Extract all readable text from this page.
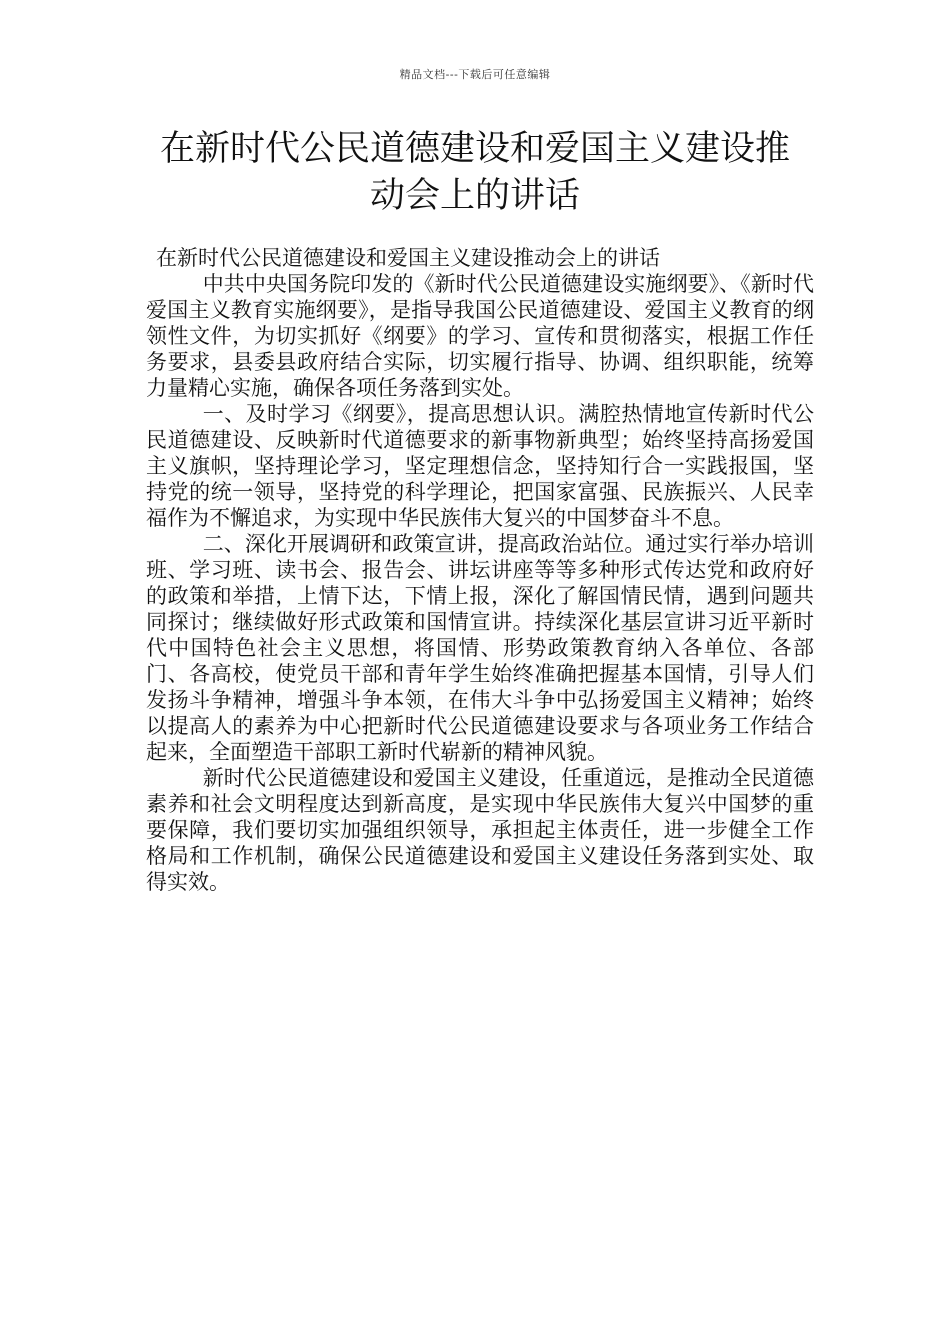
精品文档---下载后可任意编辑
在新时代公民道德建设和爱国主义建设推
动会上的讲话

在新时代公民道德建设和爱国主义建设推动会上的讲话

中共中央国务院印发的《新时代公民道德建设实施纲要》、《新时代爱国主义教育实施纲要》，是指导我国公民道德建设、爱国主义教育的纲领性文件，为切实抓好《纲要》的学习、宣传和贯彻落实，根据工作任务要求，县委县政府结合实际，切实履行指导、协调、组织职能，统筹力量精心实施，确保各项任务落到实处。

一、及时学习《纲要》，提高思想认识。满腔热情地宣传新时代公民道德建设、反映新时代道德要求的新事物新典型；始终坚持高扬爱国主义旗帜，坚持理论学习，坚定理想信念，坚持知行合一实践报国，坚持党的统一领导，坚持党的科学理论，把国家富强、民族振兴、人民幸福作为不懈追求，为实现中华民族伟大复兴的中国梦奋斗不息。

二、深化开展调研和政策宣讲，提高政治站位。通过实行举办培训班、学习班、读书会、报告会、讲坛讲座等等多种形式传达党和政府好的政策和举措，上情下达，下情上报，深化了解国情民情，遇到问题共同探讨；继续做好形式政策和国情宣讲。持续深化基层宣讲习近平新时代中国特色社会主义思想，将国情、形势政策教育纳入各单位、各部门、各高校，使党员干部和青年学生始终准确把握基本国情，引导人们发扬斗争精神，增强斗争本领，在伟大斗争中弘扬爱国主义精神；始终以提高人的素养为中心把新时代公民道德建设要求与各项业务工作结合起来，全面塑造干部职工新时代崭新的精神风貌。

新时代公民道德建设和爱国主义建设，任重道远，是推动全民道德素养和社会文明程度达到新高度，是实现中华民族伟大复兴中国梦的重要保障，我们要切实加强组织领导，承担起主体责任，进一步健全工作格局和工作机制，确保公民道德建设和爱国主义建设任务落到实处、取得实效。
